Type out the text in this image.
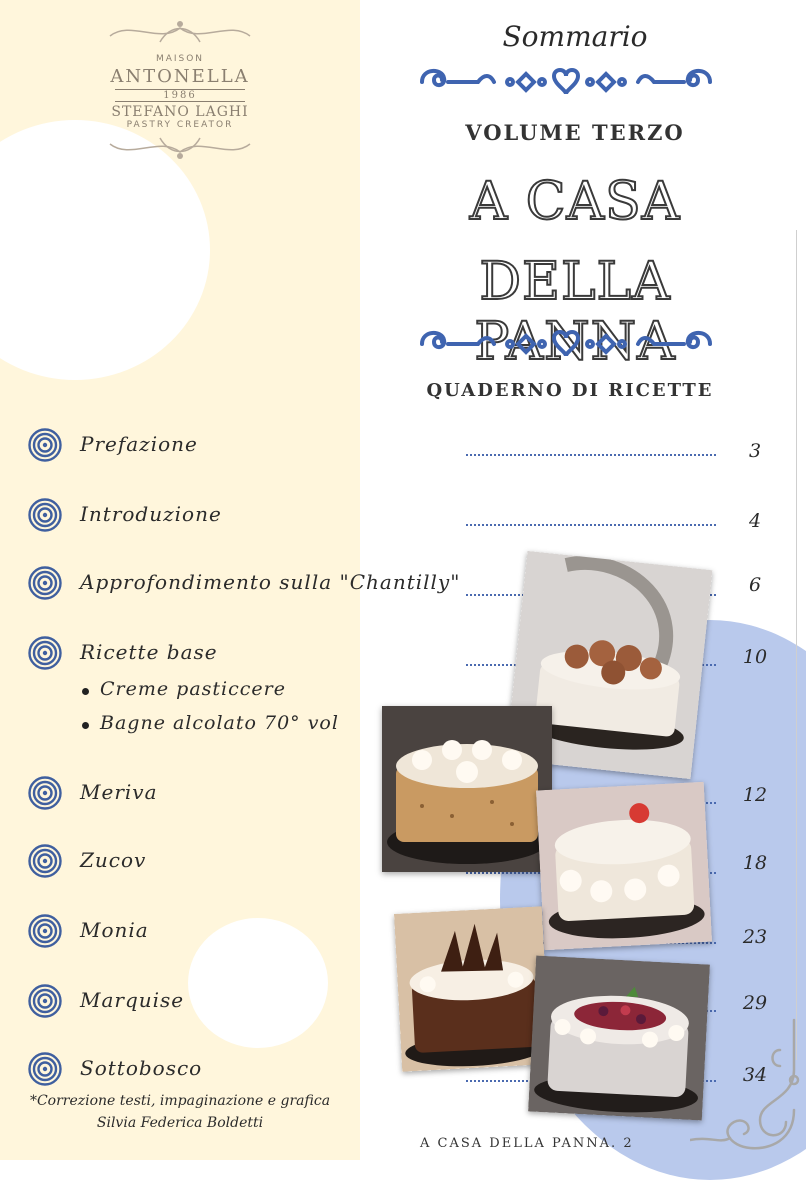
MAISON
ANTONELLA
1986
STEFANO LAGHI
PASTRY CREATOR
Sommario
VOLUME TERZO
A CASA
DELLA
QUADERNO DI RICETTE
Prefazione
Introduzione
Approfondimento sulla "Chantilly"
Ricette base
Creme pasticcere
Bagne alcolato 70° vol
Meriva
Zucov
Monia
Marquise
Sottobosco
3
4
6
10
12
18
23
29
34
*Correzione testi, impaginazione e grafica
Silvia Federica Boldetti
A CASA DELLA PANNA. 2
